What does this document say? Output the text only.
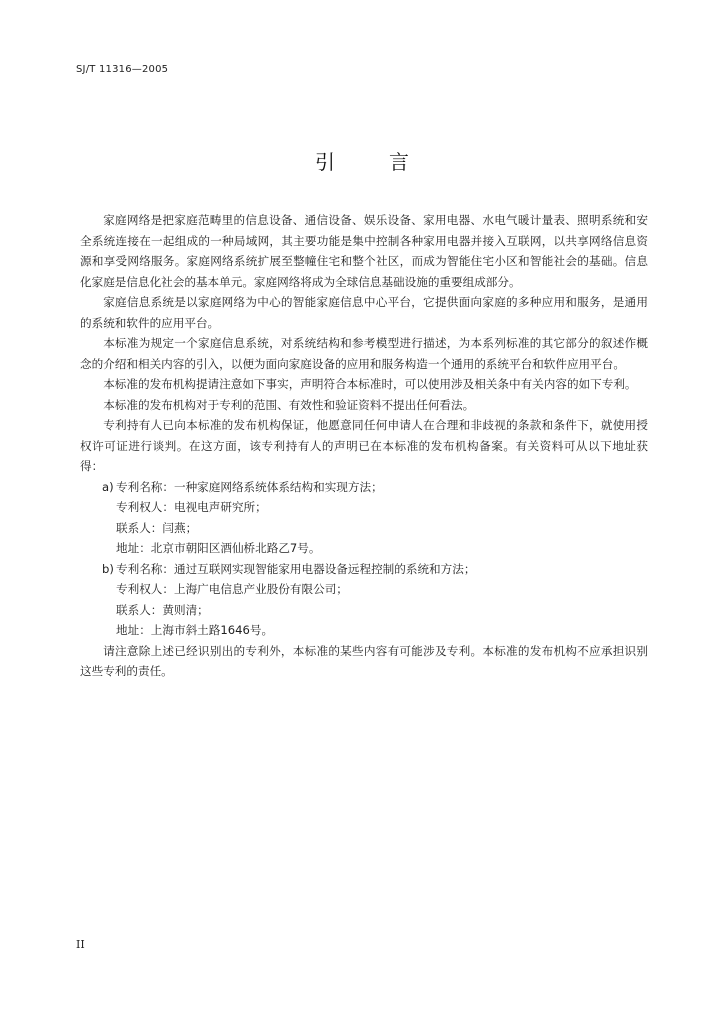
SJ/T 11316—2005
引	言

家庭网络是把家庭范畴里的信息设备、通信设备、娱乐设备、家用电器、水电气暖计量表、照明系统和安全系统连接在一起组成的一种局域网，其主要功能是集中控制各种家用电器并接入互联网，以共享网络信息资源和享受网络服务。家庭网络系统扩展至整幢住宅和整个社区，而成为智能住宅小区和智能社会的基础。信息化家庭是信息化社会的基本单元。家庭网络将成为全球信息基础设施的重要组成部分。

家庭信息系统是以家庭网络为中心的智能家庭信息中心平台，它提供面向家庭的多种应用和服务，是通用的系统和软件的应用平台。

本标准为规定一个家庭信息系统，对系统结构和参考模型进行描述，为本系列标准的其它部分的叙述作概念的介绍和相关内容的引入，以便为面向家庭设备的应用和服务构造一个通用的系统平台和软件应用平台。

本标准的发布机构提请注意如下事实，声明符合本标准时，可以使用涉及相关条中有关内容的如下专利。

本标准的发布机构对于专利的范围、有效性和验证资料不提出任何看法。

专利持有人已向本标准的发布机构保证，他愿意同任何申请人在合理和非歧视的条款和条件下，就使用授权许可证进行谈判。在这方面，该专利持有人的声明已在本标准的发布机构备案。有关资料可从以下地址获得：

a) 专利名称：一种家庭网络系统体系结构和实现方法；
专利权人：电视电声研究所；
联系人：闫燕；
地址：北京市朝阳区酒仙桥北路乙7号。
b) 专利名称：通过互联网实现智能家用电器设备远程控制的系统和方法；
专利权人：上海广电信息产业股份有限公司；
联系人：黄则清；
地址：上海市斜土路1646号。

请注意除上述已经识别出的专利外，本标准的某些内容有可能涉及专利。本标准的发布机构不应承担识别这些专利的责任。

II
